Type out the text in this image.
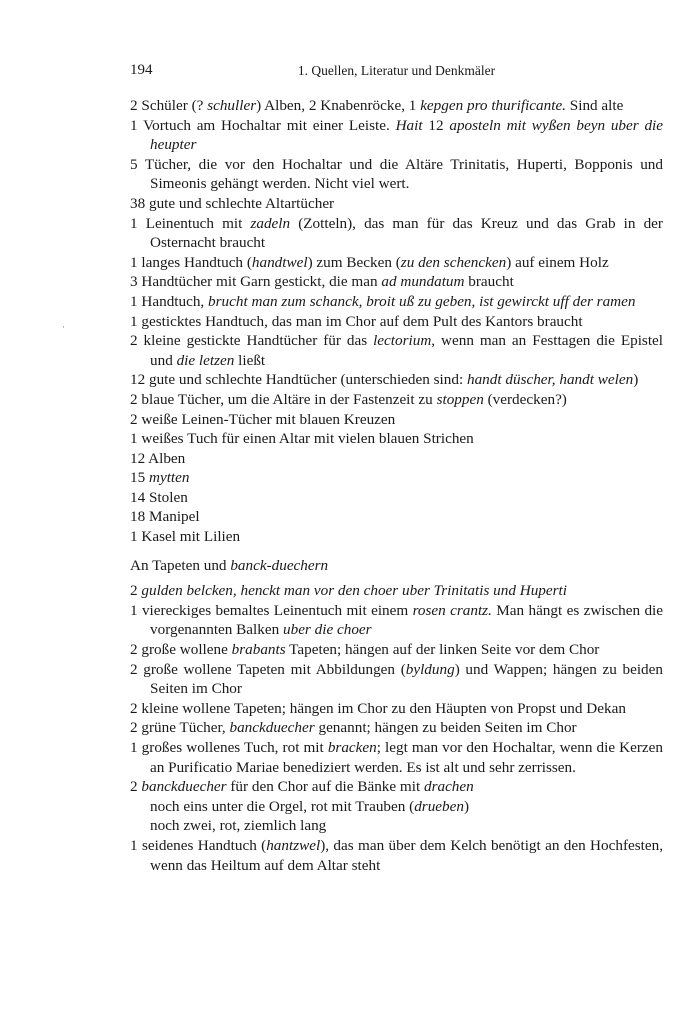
194	1. Quellen, Literatur und Denkmäler
·

2 Schüler (? schuller) Alben, 2 Knabenröcke, 1 kepgen pro thurificante. Sind alte

1 Vortuch am Hochaltar mit einer Leiste. Hait 12 aposteln mit wyßen beyn uber die heupter

5 Tücher, die vor den Hochaltar und die Altäre Trinitatis, Huperti, Bopponis und Simeonis gehängt werden. Nicht viel wert.

38 gute und schlechte Altartücher

1 Leinentuch mit zadeln (Zotteln), das man für das Kreuz und das Grab in der Osternacht braucht

1 langes Handtuch (handtwel) zum Becken (zu den schencken) auf einem Holz

3 Handtücher mit Garn gestickt, die man ad mundatum braucht

1 Handtuch, brucht man zum schanck, broit uß zu geben, ist gewirckt uff der ramen

1 gesticktes Handtuch, das man im Chor auf dem Pult des Kantors braucht

2 kleine gestickte Handtücher für das lectorium, wenn man an Festtagen die Epistel und die letzen ließt

12 gute und schlechte Handtücher (unterschieden sind: handt düscher, handt welen)

2 blaue Tücher, um die Altäre in der Fastenzeit zu stoppen (verdecken?)

2 weiße Leinen-Tücher mit blauen Kreuzen

1 weißes Tuch für einen Altar mit vielen blauen Strichen

12 Alben

15 mytten

14 Stolen

18 Manipel

1 Kasel mit Lilien

An Tapeten und banck-duechern

2 gulden belcken, henckt man vor den choer uber Trinitatis und Huperti

1 viereckiges bemaltes Leinentuch mit einem rosen crantz. Man hängt es zwischen die vorgenannten Balken uber die choer

2 große wollene brabants Tapeten; hängen auf der linken Seite vor dem Chor

2 große wollene Tapeten mit Abbildungen (byldung) und Wappen; hängen zu beiden Seiten im Chor

2 kleine wollene Tapeten; hängen im Chor zu den Häupten von Propst und Dekan

2 grüne Tücher, banckduecher genannt; hängen zu beiden Seiten im Chor

1 großes wollenes Tuch, rot mit bracken; legt man vor den Hochaltar, wenn die Kerzen an Purificatio Mariae benediziert werden. Es ist alt und sehr zerrissen.

2 banckduecher für den Chor auf die Bänke mit drachen

noch eins unter die Orgel, rot mit Trauben (drueben)

noch zwei, rot, ziemlich lang

1 seidenes Handtuch (hantzwel), das man über dem Kelch benötigt an den Hochfesten, wenn das Heiltum auf dem Altar steht
